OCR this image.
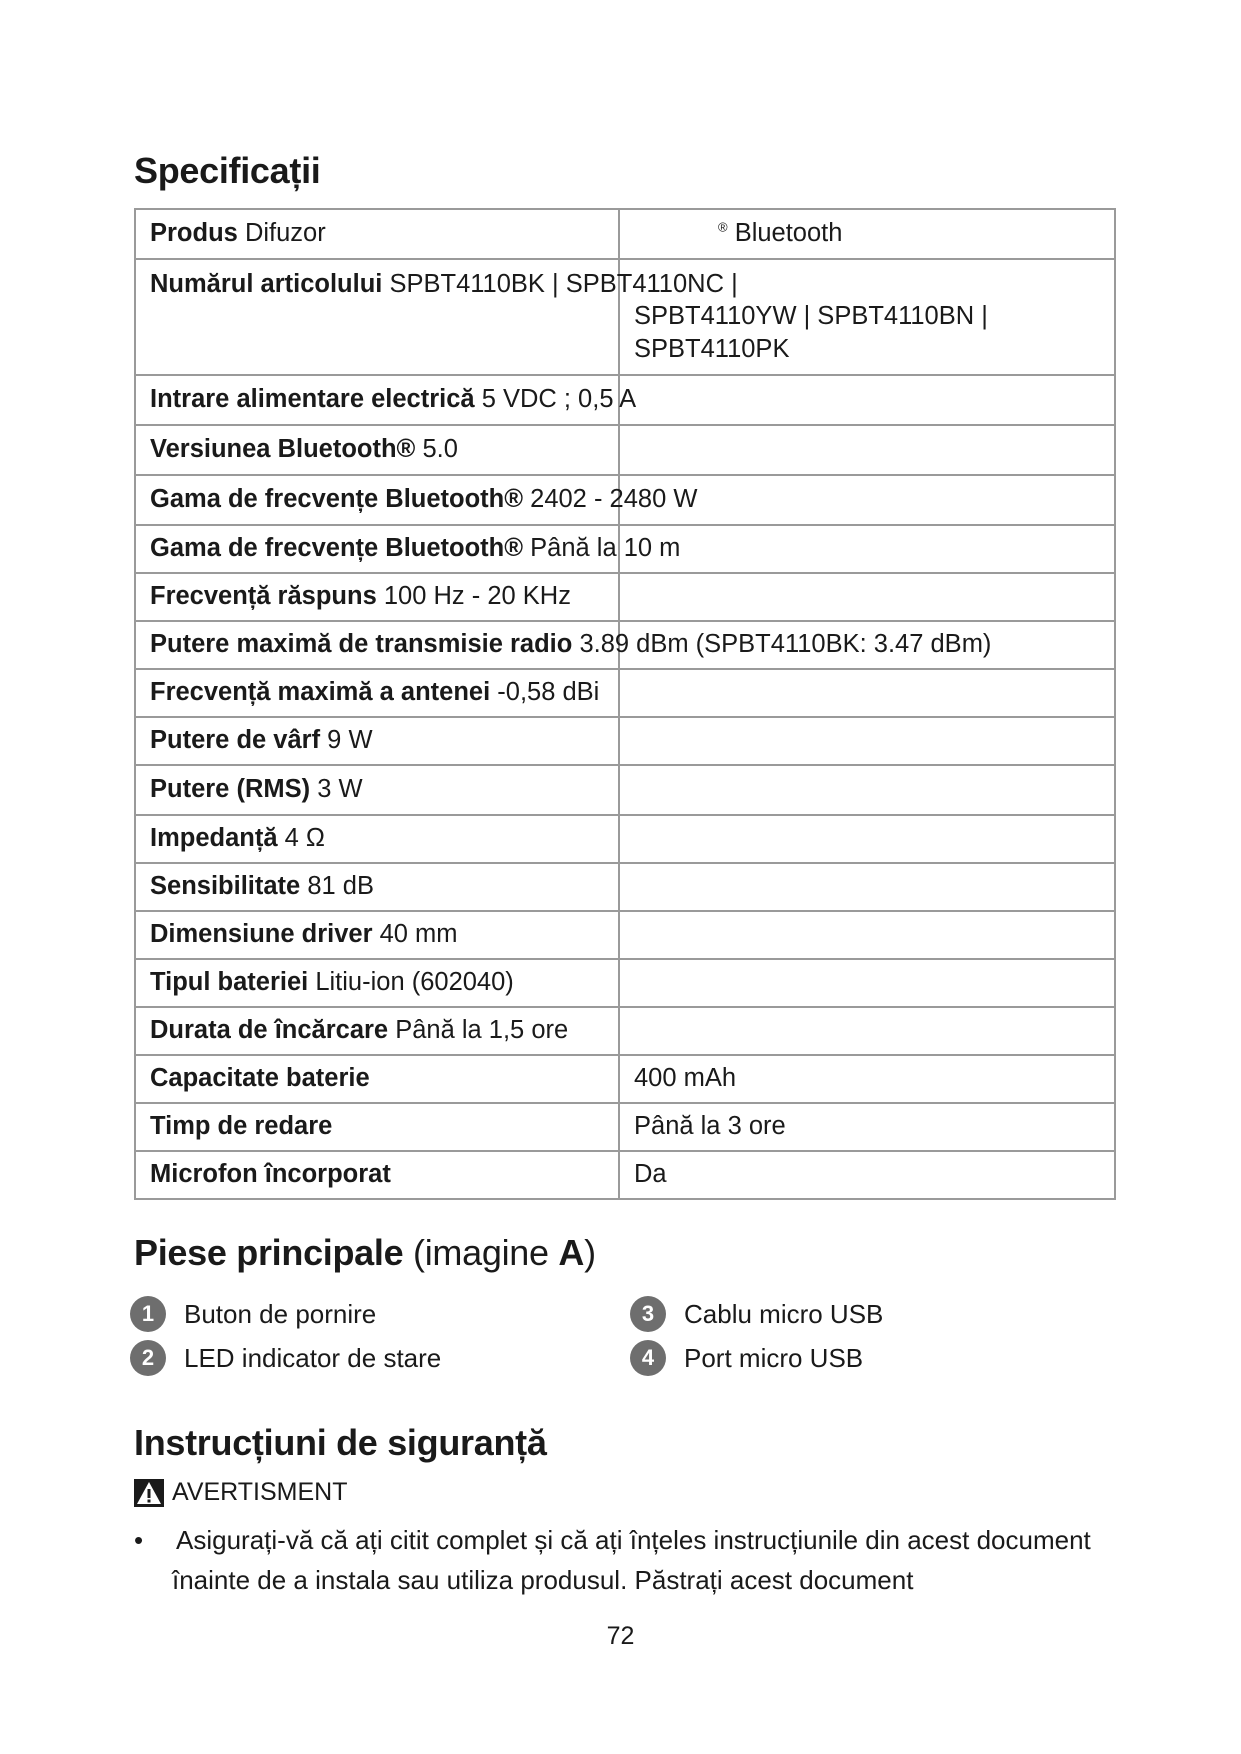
Specificații
Produs Difuzor	® Bluetooth
Numărul articolului SPBT4110BK | SPBT4110NC |	SPBT4110YW | SPBT4110BN | SPBT4110PK
Intrare alimentare electrică 5 VDC ; 0,5 A	
Versiunea Bluetooth® 5.0	
Gama de frecvențe Bluetooth® 2402 - 2480 W	
Gama de frecvențe Bluetooth® Până la 10 m	
Frecvență răspuns 100 Hz - 20 KHz	
Putere maximă de transmisie radio 3.89 dBm (SPBT4110BK: 3.47 dBm)	
Frecvență maximă a antenei -0,58 dBi	
Putere de vârf 9 W	
Putere (RMS) 3 W	
Impedanță 4 Ω	
Sensibilitate 81 dB	
Dimensiune driver 40 mm	
Tipul bateriei Litiu-ion (602040)	
Durata de încărcare Până la 1,5 ore	
Capacitate baterie	400 mAh
Timp de redare	Până la 3 ore
Microfon încorporat	Da
Piese principale (imagine A)
1	Buton de pornire
2	LED indicator de stare
3	Cablu micro USB
4	Port micro USB
Instrucțiuni de siguranță
AVERTISMENT
• Asigurați-vă că ați citit complet și că ați înțeles instrucțiunile din acest document înainte de a instala sau utiliza produsul. Păstrați acest document
72
